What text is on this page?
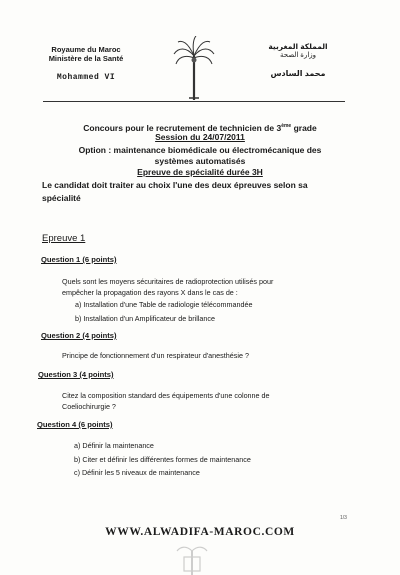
Royaume du Maroc
Ministère de la Santé

Mohammed VI
المملكة المغربية
وزارة الصحة

محمد السادس

Concours pour le recrutement de technicien de 3ème grade
Session du 24/07/2011
Option : maintenance biomédicale ou électromécanique des
systèmes automatisés
Epreuve de spécialité durée 3H
Le candidat doit traiter au choix l'une des deux épreuves selon sa
spécialité
Epreuve 1
Question 1 (6 points)
Quels sont les moyens sécuritaires de radioprotection utilisés pour
empêcher la propagation des rayons X dans le cas de :
a) Installation d'une Table de radiologie télécommandée
b) Installation d'un Amplificateur de brillance
Question 2 (4 points)
Principe de fonctionnement d'un respirateur d'anesthésie ?
Question 3 (4 points)
Citez la composition standard des équipements d'une colonne de
Coeliochirurgie ?
Question 4 (6 points)
a) Définir la maintenance
b) Citer et définir les différentes formes de maintenance
c) Définir les 5 niveaux de maintenance
1/3
WWW.ALWADIFA-MAROC.COM
